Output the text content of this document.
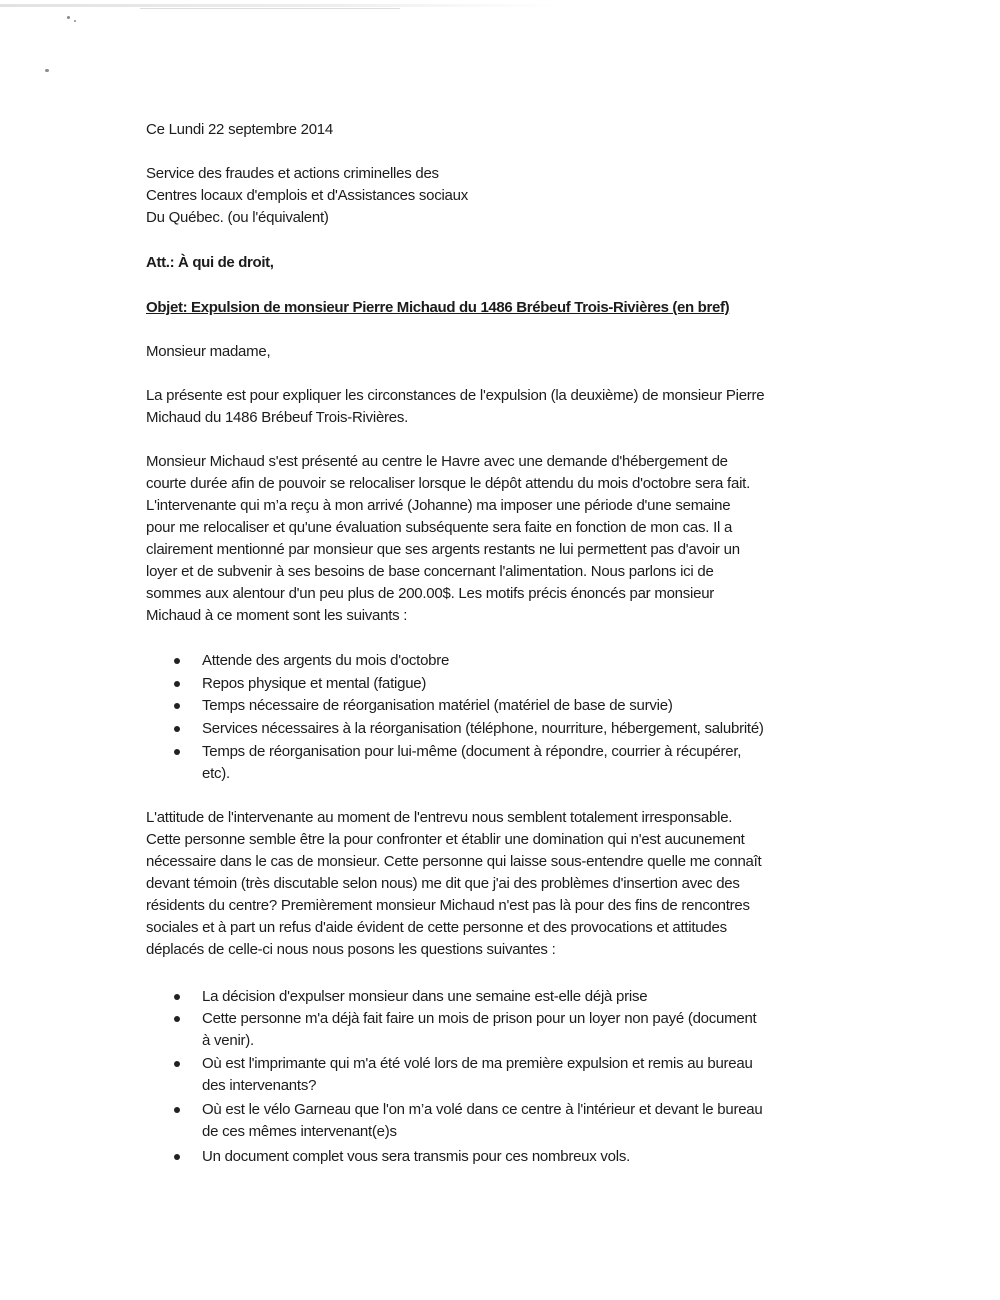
Ce Lundi 22 septembre 2014
Service des fraudes et actions criminelles des
Centres locaux d'emplois et d'Assistances sociaux
Du Québec. (ou l'équivalent)
Att.: À qui de droit,
Objet: Expulsion de monsieur Pierre Michaud du 1486 Brébeuf Trois-Rivières (en bref)
Monsieur madame,
La présente est pour expliquer les circonstances de l'expulsion (la deuxième) de monsieur Pierre
Michaud du 1486 Brébeuf Trois-Rivières.
Monsieur Michaud s'est présenté au centre le Havre avec une demande d'hébergement de
courte durée afin de pouvoir se relocaliser lorsque le dépôt attendu du mois d'octobre sera fait.
L'intervenante qui m’a reçu à mon arrivé (Johanne) ma imposer une période d'une semaine
pour me relocaliser et qu'une évaluation subséquente sera faite en fonction de mon cas. Il a
clairement mentionné par monsieur que ses argents restants ne lui permettent pas d'avoir un
loyer et de subvenir à ses besoins de base concernant l'alimentation. Nous parlons ici de
sommes aux alentour d'un peu plus de 200.00$. Les motifs précis énoncés par monsieur
Michaud à ce moment sont les suivants :
Attende des argents du mois d'octobre
Repos physique et mental (fatigue)
Temps nécessaire de réorganisation matériel (matériel de base de survie)
Services nécessaires à la réorganisation (téléphone, nourriture, hébergement, salubrité)
Temps de réorganisation pour lui-même (document à répondre, courrier à récupérer,
etc).
L'attitude de l'intervenante au moment de l'entrevu nous semblent totalement irresponsable.
Cette personne semble être la pour confronter et établir une domination qui n'est aucunement
nécessaire dans le cas de monsieur. Cette personne qui laisse sous-entendre quelle me connaît
devant témoin (très discutable selon nous) me dit que j'ai des problèmes d'insertion avec des
résidents du centre? Premièrement monsieur Michaud n'est pas là pour des fins de rencontres
sociales et à part un refus d'aide évident de cette personne et des provocations et attitudes
déplacés de celle-ci nous nous posons les questions suivantes :
La décision d'expulser monsieur dans une semaine est-elle déjà prise
Cette personne m'a déjà fait faire un mois de prison pour un loyer non payé (document
à venir).
Où est l'imprimante qui m'a été volé lors de ma première expulsion et remis au bureau
des intervenants?
Où est le vélo Garneau que l'on m’a volé dans ce centre à l'intérieur et devant le bureau
de ces mêmes intervenant(e)s
Un document complet vous sera transmis pour ces nombreux vols.
